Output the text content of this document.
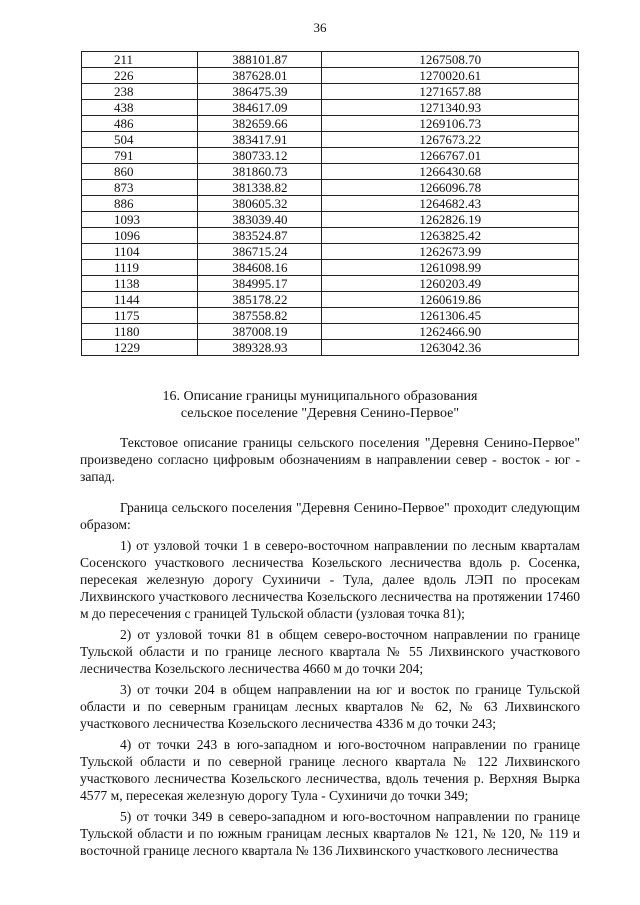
36
211	388101.87	1267508.70
226	387628.01	1270020.61
238	386475.39	1271657.88
438	384617.09	1271340.93
486	382659.66	1269106.73
504	383417.91	1267673.22
791	380733.12	1266767.01
860	381860.73	1266430.68
873	381338.82	1266096.78
886	380605.32	1264682.43
1093	383039.40	1262826.19
1096	383524.87	1263825.42
1104	386715.24	1262673.99
1119	384608.16	1261098.99
1138	384995.17	1260203.49
1144	385178.22	1260619.86
1175	387558.82	1261306.45
1180	387008.19	1262466.90
1229	389328.93	1263042.36
16. Описание границы муниципального образования
сельское поселение "Деревня Сенино-Первое"

Текстовое описание границы сельского поселения "Деревня Сенино-Первое" произведено согласно цифровым обозначениям в направлении север - восток - юг - запад.

Граница сельского поселения "Деревня Сенино-Первое" проходит следующим образом:

1) от узловой точки 1 в северо-восточном направлении по лесным кварталам Сосенского участкового лесничества Козельского лесничества вдоль р. Сосенка, пересекая железную дорогу Сухиничи - Тула, далее вдоль ЛЭП по просекам Лихвинского участкового лесничества Козельского лесничества на протяжении 17460 м до пересечения с границей Тульской области (узловая точка 81);

2) от узловой точки 81 в общем северо-восточном направлении по границе Тульской области и по границе лесного квартала № 55 Лихвинского участкового лесничества Козельского лесничества 4660 м до точки 204;

3) от точки 204 в общем направлении на юг и восток по границе Тульской области и по северным границам лесных кварталов № 62, № 63 Лихвинского участкового лесничества Козельского лесничества 4336 м до точки 243;

4) от точки 243 в юго-западном и юго-восточном направлении по границе Тульской области и по северной границе лесного квартала № 122 Лихвинского участкового лесничества Козельского лесничества, вдоль течения р. Верхняя Вырка 4577 м, пересекая железную дорогу Тула - Сухиничи до точки 349;

5) от точки 349 в северо-западном и юго-восточном направлении по границе Тульской области и по южным границам лесных кварталов № 121, № 120, № 119 и восточной границе лесного квартала № 136 Лихвинского участкового лесничества
